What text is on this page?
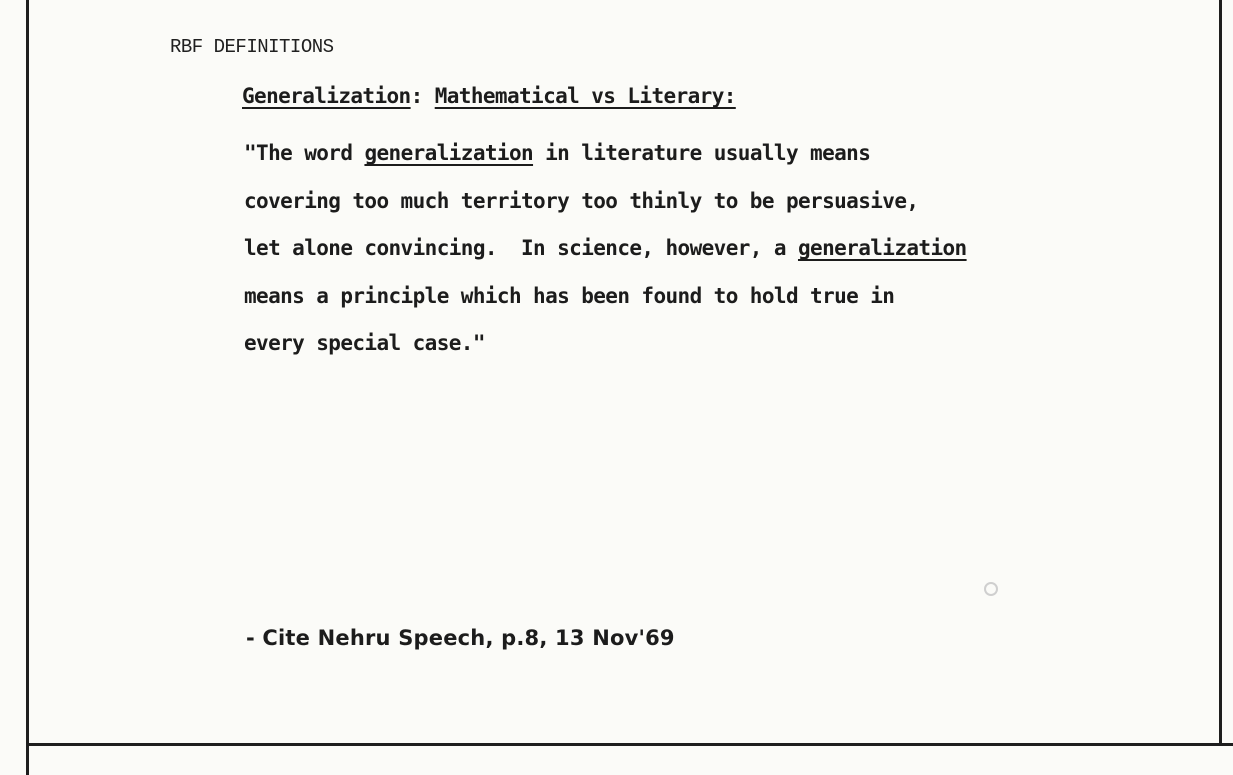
RBF DEFINITIONS
Generalization: Mathematical vs Literary:
"The word generalization in literature usually means
covering too much territory too thinly to be persuasive,
let alone convincing.  In science, however, a generalization
means a principle which has been found to hold true in
every special case."
- Cite Nehru Speech, p.8, 13 Nov'69
